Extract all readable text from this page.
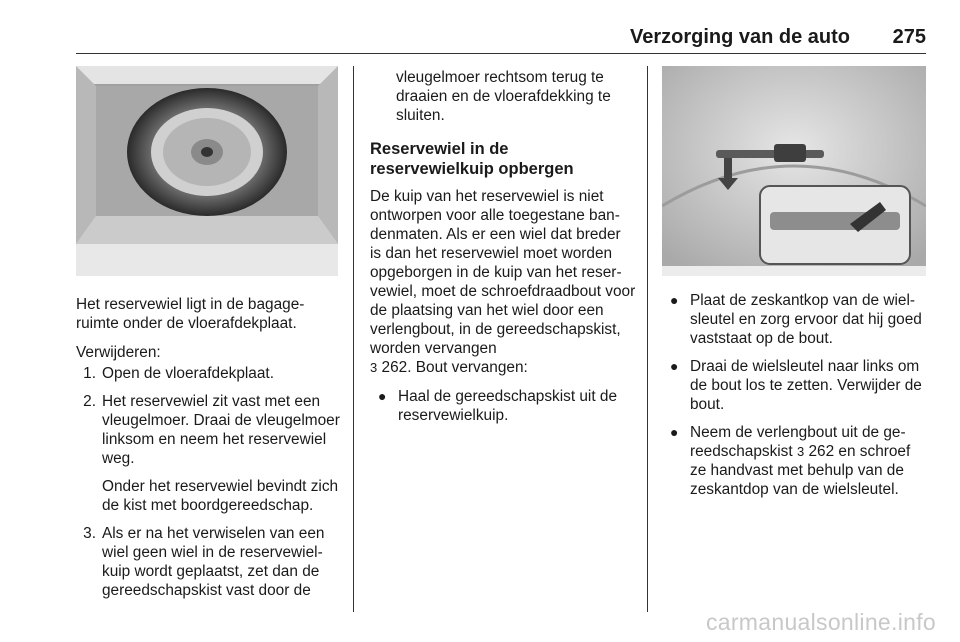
Verzorging van de auto 275

Het reservewiel ligt in de bagageruimte onder de vloerafdekplaat.

Verwijderen:

1. Open de vloerafdekplaat.

2. Het reservewiel zit vast met een vleugelmoer. Draai de vleugelmoer linksom en neem het reservewiel weg.

Onder het reservewiel bevindt zich de kist met boordgereedschap.

3. Als er na het verwiselen van een wiel geen wiel in de reservewielkuip wordt geplaatst, zet dan de gereedschapskist vast door de

vleugelmoer rechtsom terug te draaien en de vloerafdekking te sluiten.

Reservewiel in de reservewielkuip opbergen

De kuip van het reservewiel is niet ontworpen voor alle toegestane bandenmaten. Als er een wiel dat breder is dan het reservewiel moet worden opgeborgen in de kuip van het reservewiel, moet de schroefdraadbout voor de plaatsing van het wiel door een verlengbout, in de gereedschapskist, worden vervangen
3 262. Bout vervangen:

● Haal de gereedschapskist uit de reservewielkuip.
● Plaat de zeskantkop van de wielsleutel en zorg ervoor dat hij goed vaststaat op de bout.
● Draai de wielsleutel naar links om de bout los te zetten. Verwijder de bout.
● Neem de verlengbout uit de gereedschapskist 3 262 en schroef ze handvast met behulp van de zeskantdop van de wielsleutel.
carmanualsonline.info
